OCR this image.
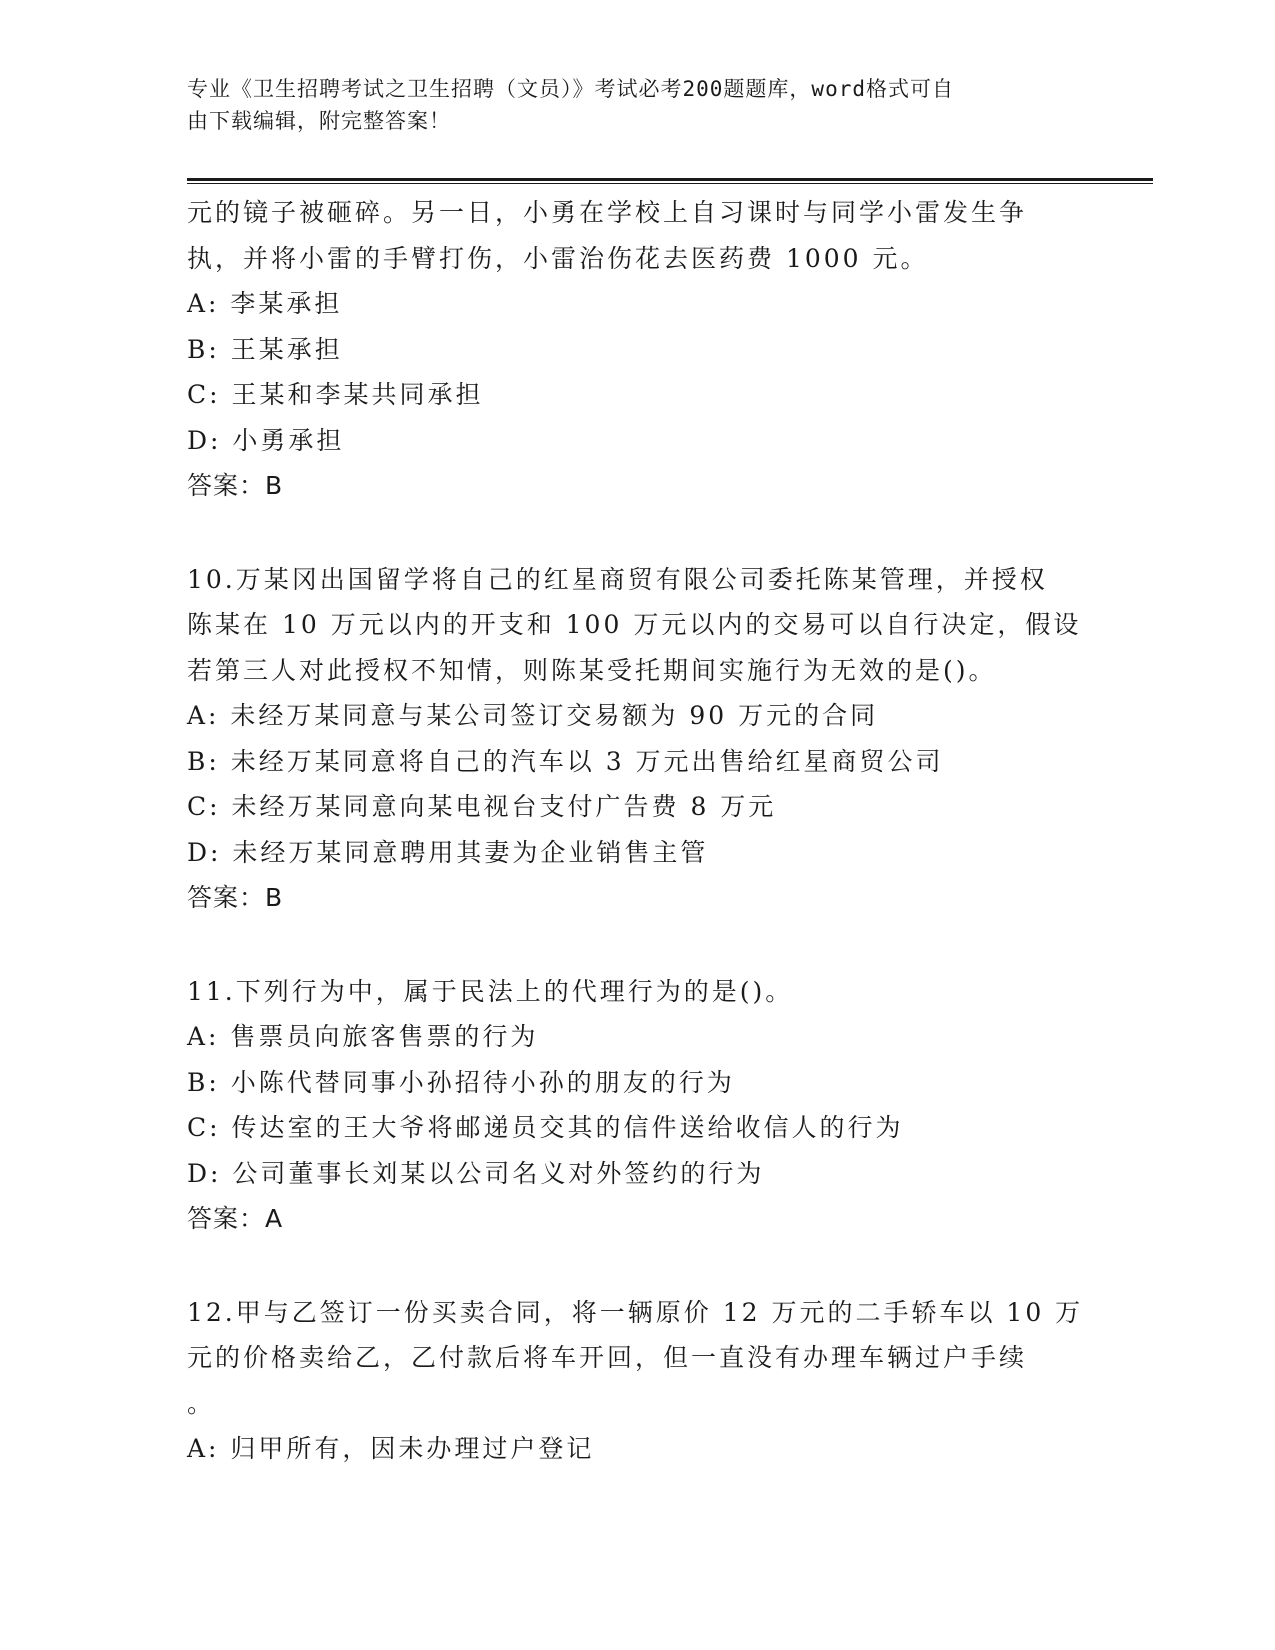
专业《卫生招聘考试之卫生招聘（文员）》考试必考200题题库，word格式可自
由下载编辑，附完整答案！
元的镜子被砸碎。另一日，小勇在学校上自习课时与同学小雷发生争
执，并将小雷的手臂打伤，小雷治伤花去医药费 1000 元。
A: 李某承担
B: 王某承担
C: 王某和李某共同承担
D: 小勇承担
答案：B
10.万某冈出国留学将自己的红星商贸有限公司委托陈某管理，并授权
陈某在 10 万元以内的开支和 100 万元以内的交易可以自行决定，假设
若第三人对此授权不知情，则陈某受托期间实施行为无效的是()。
A: 未经万某同意与某公司签订交易额为 90 万元的合同
B: 未经万某同意将自己的汽车以 3 万元出售给红星商贸公司
C: 未经万某同意向某电视台支付广告费 8 万元
D: 未经万某同意聘用其妻为企业销售主管
答案：B
11.下列行为中，属于民法上的代理行为的是()。
A: 售票员向旅客售票的行为
B: 小陈代替同事小孙招待小孙的朋友的行为
C: 传达室的王大爷将邮递员交其的信件送给收信人的行为
D: 公司董事长刘某以公司名义对外签约的行为
答案：A
12.甲与乙签订一份买卖合同，将一辆原价 12 万元的二手轿车以 10 万
元的价格卖给乙，乙付款后将车开回，但一直没有办理车辆过户手续
。
A: 归甲所有，因未办理过户登记
